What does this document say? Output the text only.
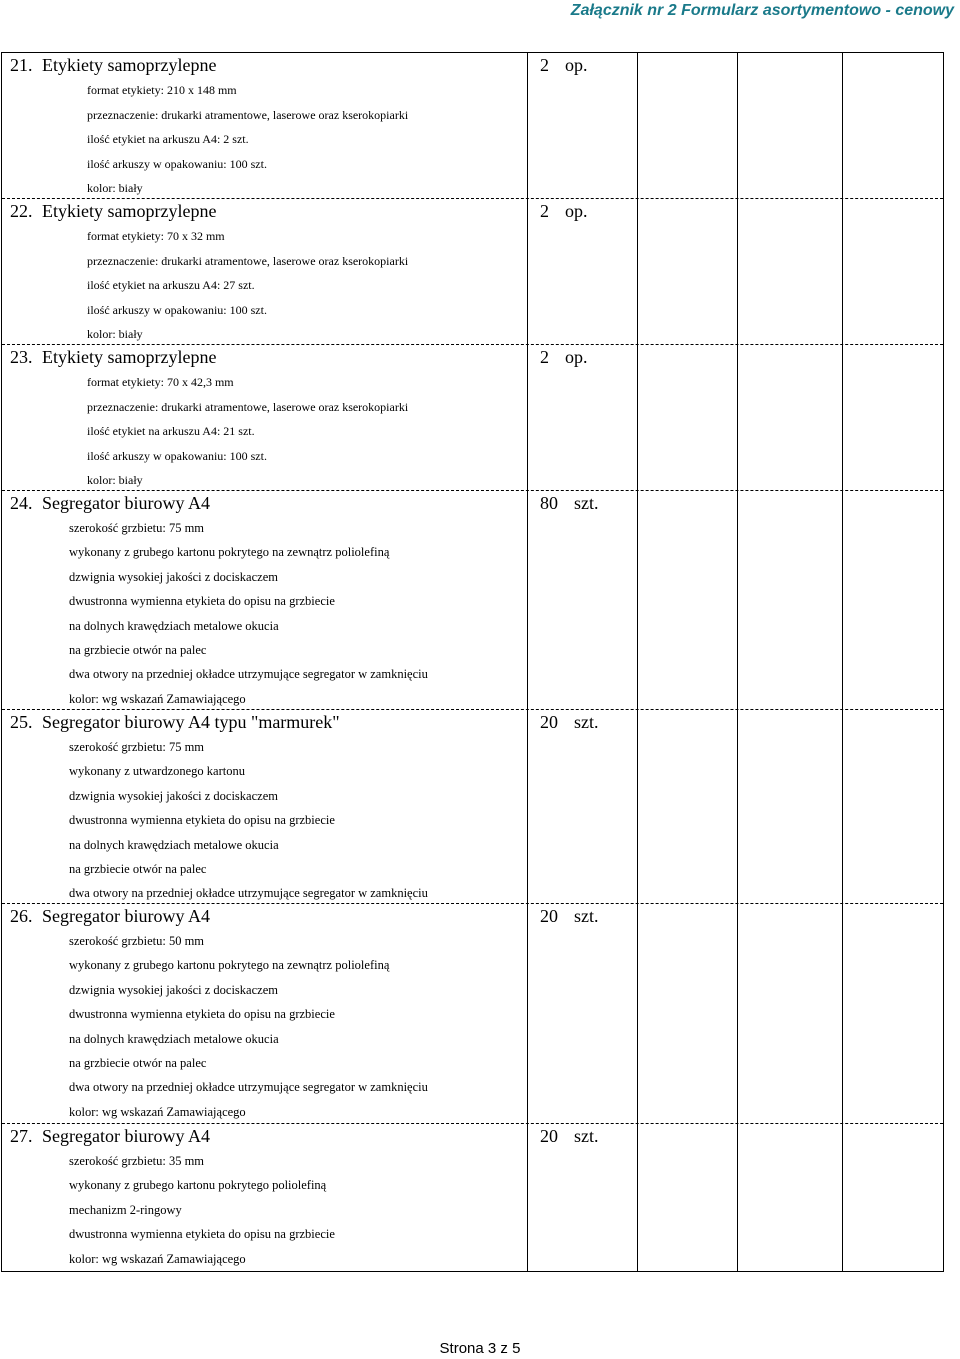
Załącznik nr 2 Formularz asortymentowo - cenowy
21. Etykiety samoprzylepne	2 op.
format etykiety: 210 x 148 mm
przeznaczenie: drukarki atramentowe, laserowe oraz kserokopiarki
ilość etykiet na arkuszu A4: 2 szt.
ilość arkuszy w opakowaniu: 100 szt.
kolor: biały
22. Etykiety samoprzylepne	2 op.
format etykiety: 70 x 32 mm
przeznaczenie: drukarki atramentowe, laserowe oraz kserokopiarki
ilość etykiet na arkuszu A4: 27 szt.
ilość arkuszy w opakowaniu: 100 szt.
kolor: biały
23. Etykiety samoprzylepne	2 op.
format etykiety: 70 x 42,3 mm
przeznaczenie: drukarki atramentowe, laserowe oraz kserokopiarki
ilość etykiet na arkuszu A4: 21 szt.
ilość arkuszy w opakowaniu: 100 szt.
kolor: biały
24. Segregator biurowy A4	80 szt.
szerokość grzbietu: 75 mm
wykonany z grubego kartonu pokrytego na zewnątrz poliolefiną
dzwignia wysokiej jakości z dociskaczem
dwustronna wymienna etykieta do opisu na grzbiecie
na dolnych krawędziach metalowe okucia
na grzbiecie otwór na palec
dwa otwory na przedniej okładce utrzymujące segregator w zamknięciu
kolor: wg wskazań Zamawiającego
25. Segregator biurowy A4 typu "marmurek"	20 szt.
szerokość grzbietu: 75 mm
wykonany z utwardzonego kartonu
dzwignia wysokiej jakości z dociskaczem
dwustronna wymienna etykieta do opisu na grzbiecie
na dolnych krawędziach metalowe okucia
na grzbiecie otwór na palec
dwa otwory na przedniej okładce utrzymujące segregator w zamknięciu
26. Segregator biurowy A4	20 szt.
szerokość grzbietu: 50 mm
wykonany z grubego kartonu pokrytego na zewnątrz poliolefiną
dzwignia wysokiej jakości z dociskaczem
dwustronna wymienna etykieta do opisu na grzbiecie
na dolnych krawędziach metalowe okucia
na grzbiecie otwór na palec
dwa otwory na przedniej okładce utrzymujące segregator w zamknięciu
kolor: wg wskazań Zamawiającego
27. Segregator biurowy A4	20 szt.
szerokość grzbietu: 35 mm
wykonany z grubego kartonu pokrytego poliolefiną
mechanizm 2-ringowy
dwustronna wymienna etykieta do opisu na grzbiecie
kolor: wg wskazań Zamawiającego
Strona 3 z 5
